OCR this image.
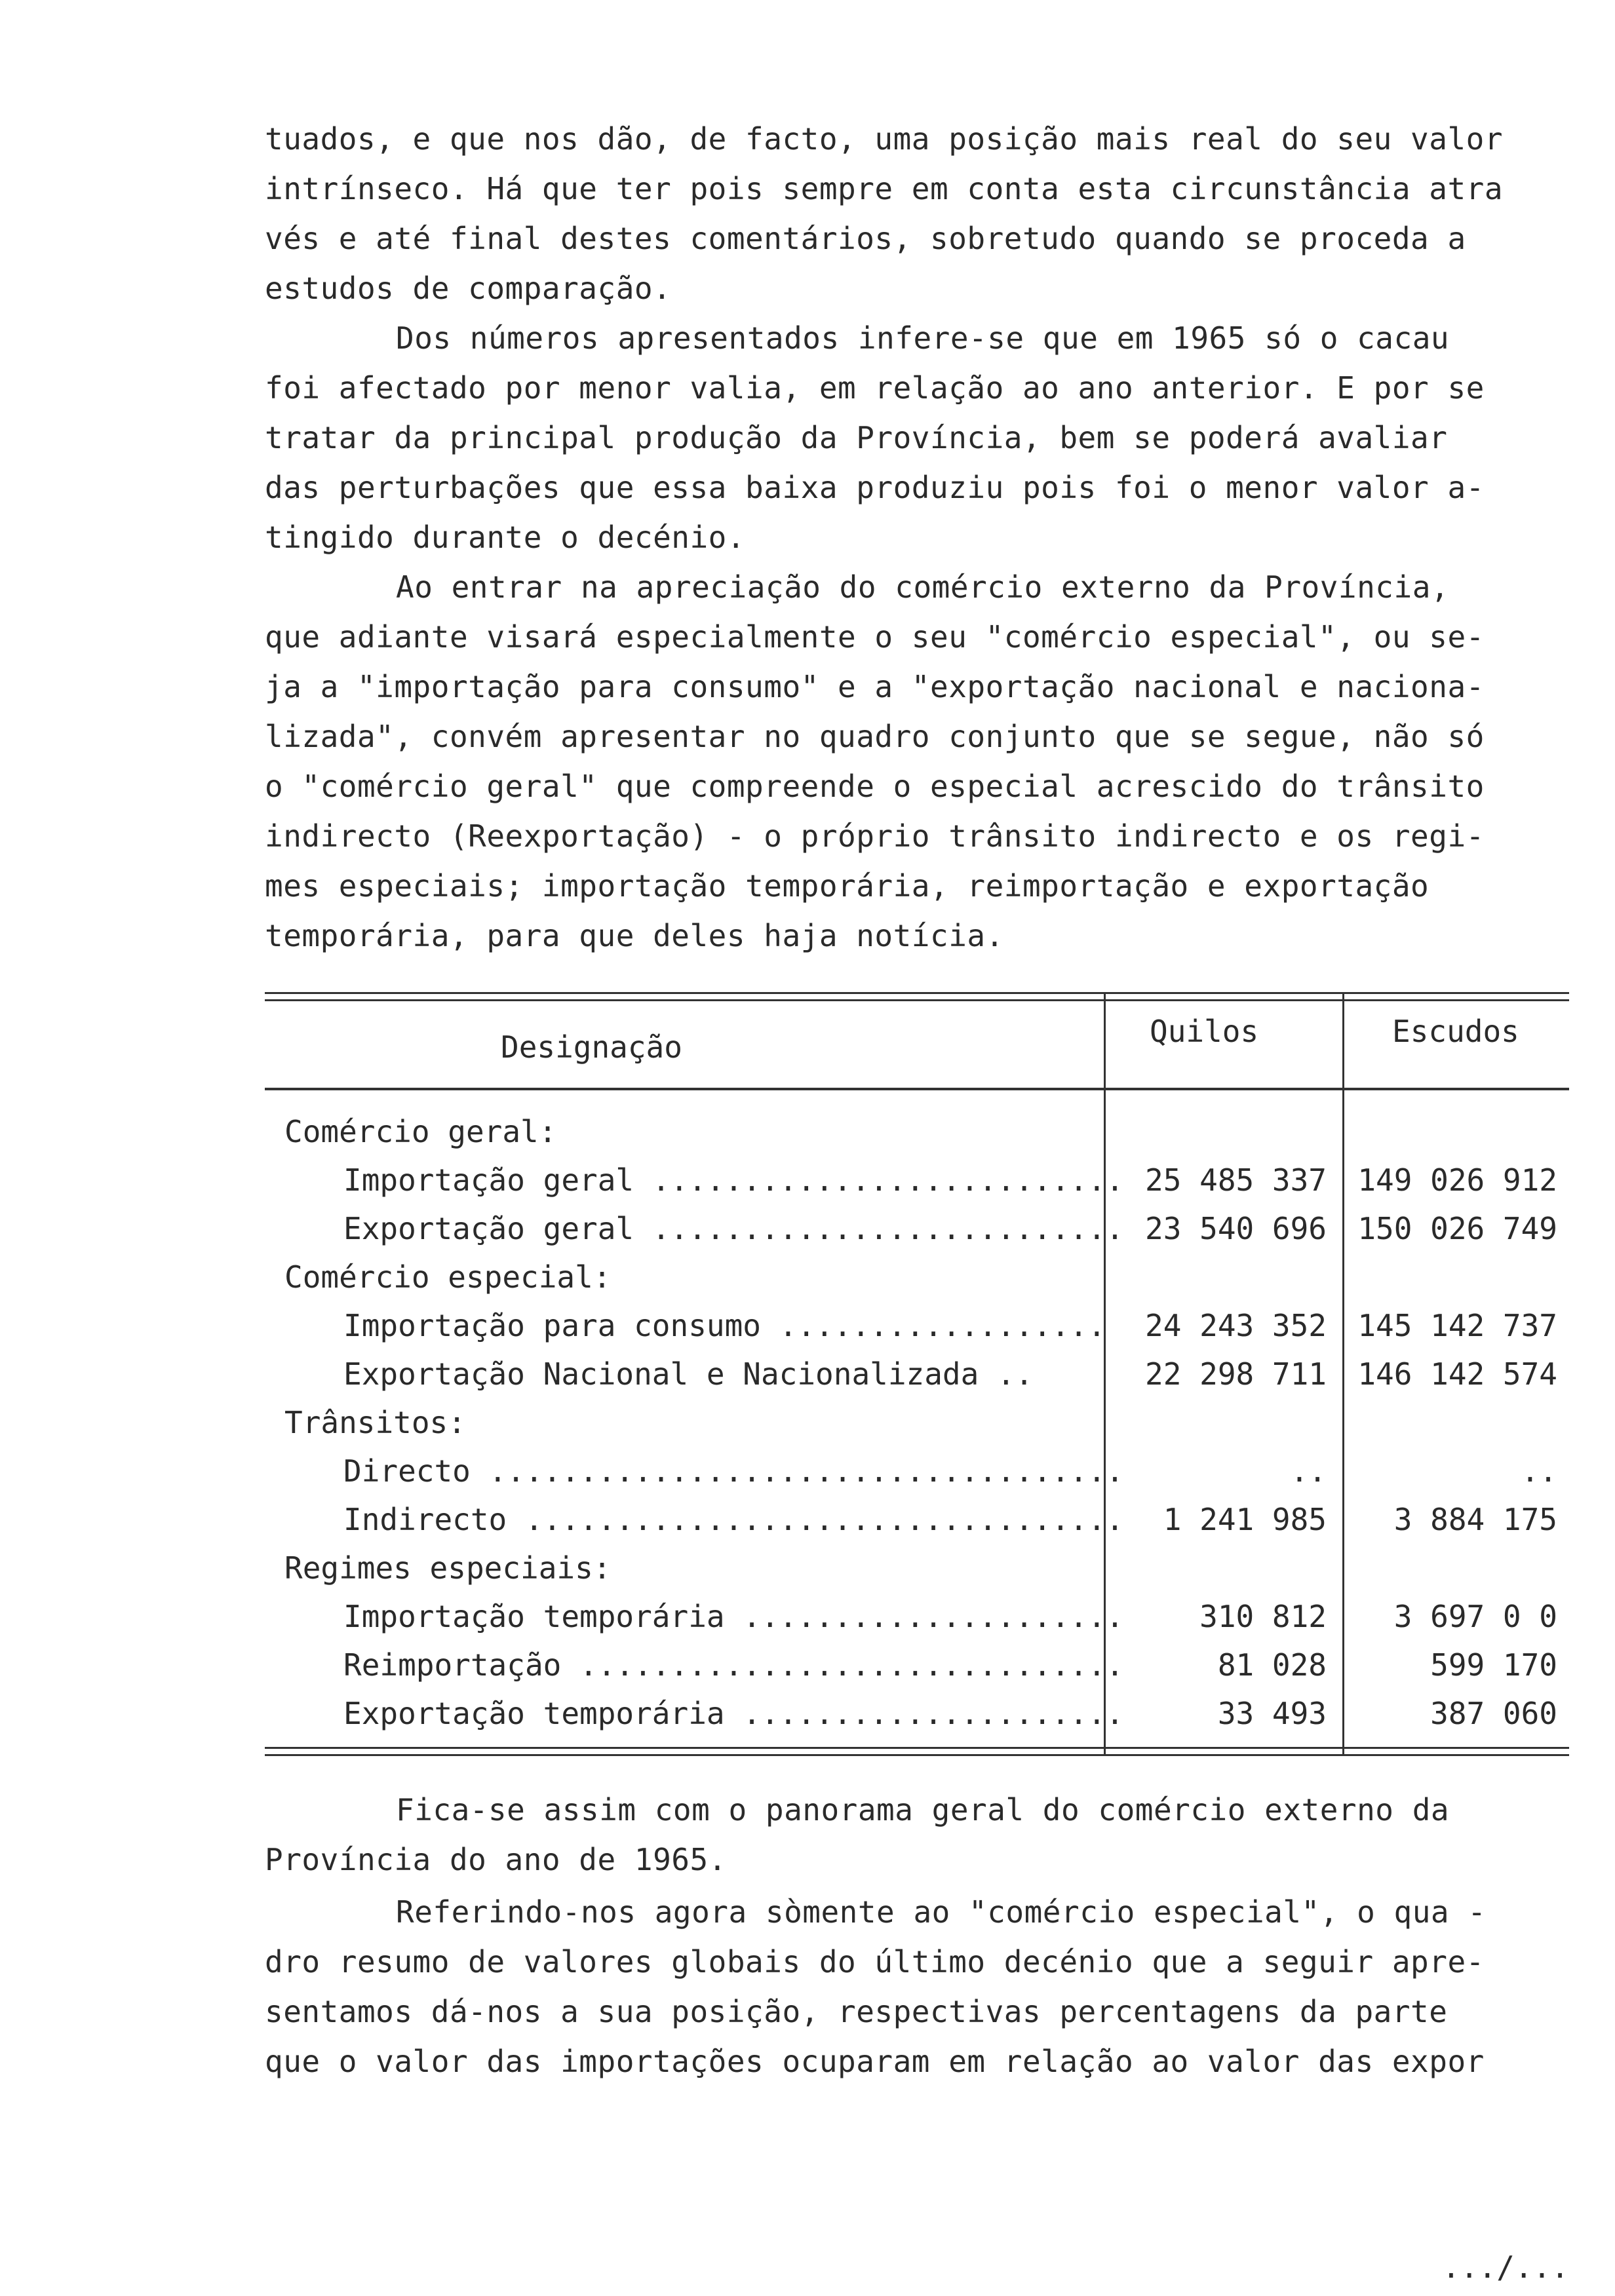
tuados, e que nos dão, de facto, uma posição mais real do seu valor
intrínseco. Há que ter pois sempre em conta esta circunstância atra
vés e até final destes comentários, sobretudo quando se proceda a
estudos de comparação.

Dos números apresentados infere-se que em 1965 só o cacau
foi afectado por menor valia, em relação ao ano anterior. E por se
tratar da principal produção da Província, bem se poderá avaliar
das perturbações que essa baixa produziu pois foi o menor valor a-
tingido durante o decénio.

Ao entrar na apreciação do comércio externo da Província,
que adiante visará especialmente o seu "comércio especial", ou se-
ja a "importação para consumo" e a "exportação nacional e naciona-
lizada", convém apresentar no quadro conjunto que se segue, não só
o "comércio geral" que compreende o especial acrescido do trânsito
indirecto (Reexportação) - o próprio trânsito indirecto e os regi-
mes especiais; importação temporária, reimportação e exportação
temporária, para que deles haja notícia.

Designação	Quilos	Escudos
Comércio geral:
Importação geral .......................... 25 485 337	149 026 912
Exportação geral .......................... 23 540 696	150 026 749
Comércio especial:
Importação para consumo ..................	24 243 352	145 142 737
Exportação Nacional e Nacionalizada ..	22 298 711	146 142 574
Trânsitos:
Directo ...................................	..	..
Indirecto .................................	1 241 985	3 884 175
Regimes especiais:
Importação temporária .....................	310 812	3 697 0 0
Reimportação ..............................	81 028	599 170
Exportação temporária .....................	33 493	387 060

Fica-se assim com o panorama geral do comércio externo da
Província do ano de 1965.

Referindo-nos agora sòmente ao "comércio especial", o qua -
dro resumo de valores globais do último decénio que a seguir apre-
sentamos dá-nos a sua posição, respectivas percentagens da parte
que o valor das importações ocuparam em relação ao valor das expor

.../...
